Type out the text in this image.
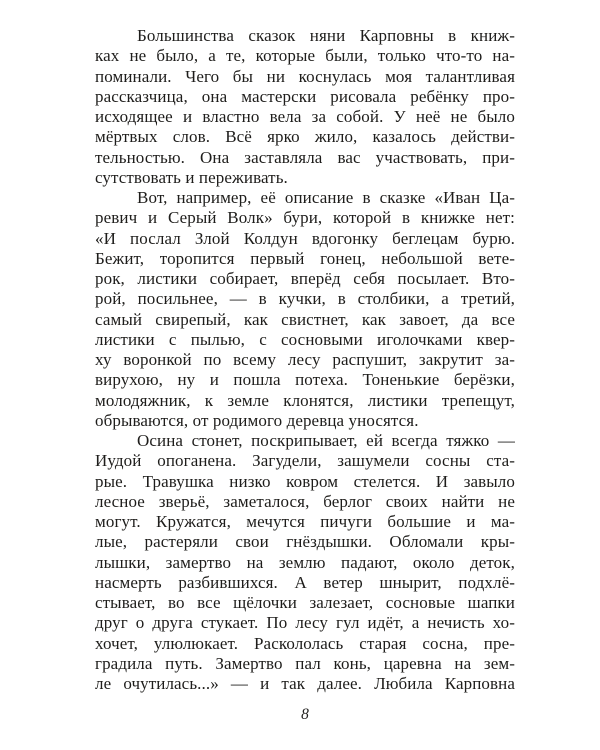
Большинства сказок няни Карповны в книж-
ках не было, а те, которые были, только что-то на-
поминали. Чего бы ни коснулась моя талантливая
рассказчица, она мастерски рисовала ребёнку про-
исходящее и властно вела за собой. У неё не было
мёртвых слов. Всё ярко жило, казалось действи-
тельностью. Она заставляла вас участвовать, при-
сутствовать и переживать.
Вот, например, её описание в сказке «Иван Ца-
ревич и Серый Волк» бури, которой в книжке нет:
«И послал Злой Колдун вдогонку беглецам бурю.
Бежит, торопится первый гонец, небольшой вете-
рок, листики собирает, вперёд себя посылает. Вто-
рой, посильнее, — в кучки, в столбики, а третий,
самый свирепый, как свистнет, как завоет, да все
листики с пылью, с сосновыми иголочками квер-
ху воронкой по всему лесу распушит, закрутит за-
вирухою, ну и пошла потеха. Тоненькие берёзки,
молодяжник, к земле клонятся, листики трепещут,
обрываются, от родимого деревца уносятся.
Осина стонет, поскрипывает, ей всегда тяжко —
Иудой опоганена. Загудели, зашумели сосны ста-
рые. Травушка низко ковром стелется. И завыло
лесное зверьё, заметалося, берлог своих найти не
могут. Кружатся, мечутся пичуги большие и ма-
лые, растеряли свои гнёздышки. Обломали кры-
лышки, замертво на землю падают, около деток,
насмерть разбившихся. А ветер шнырит, подхлё-
стывает, во все щёлочки залезает, сосновые шапки
друг о друга стукает. По лесу гул идёт, а нечисть хо-
хочет, улюлюкает. Раскололась старая сосна, пре-
градила путь. Замертво пал конь, царевна на зем-
ле очутилась...» — и так далее. Любила Карповна
8
